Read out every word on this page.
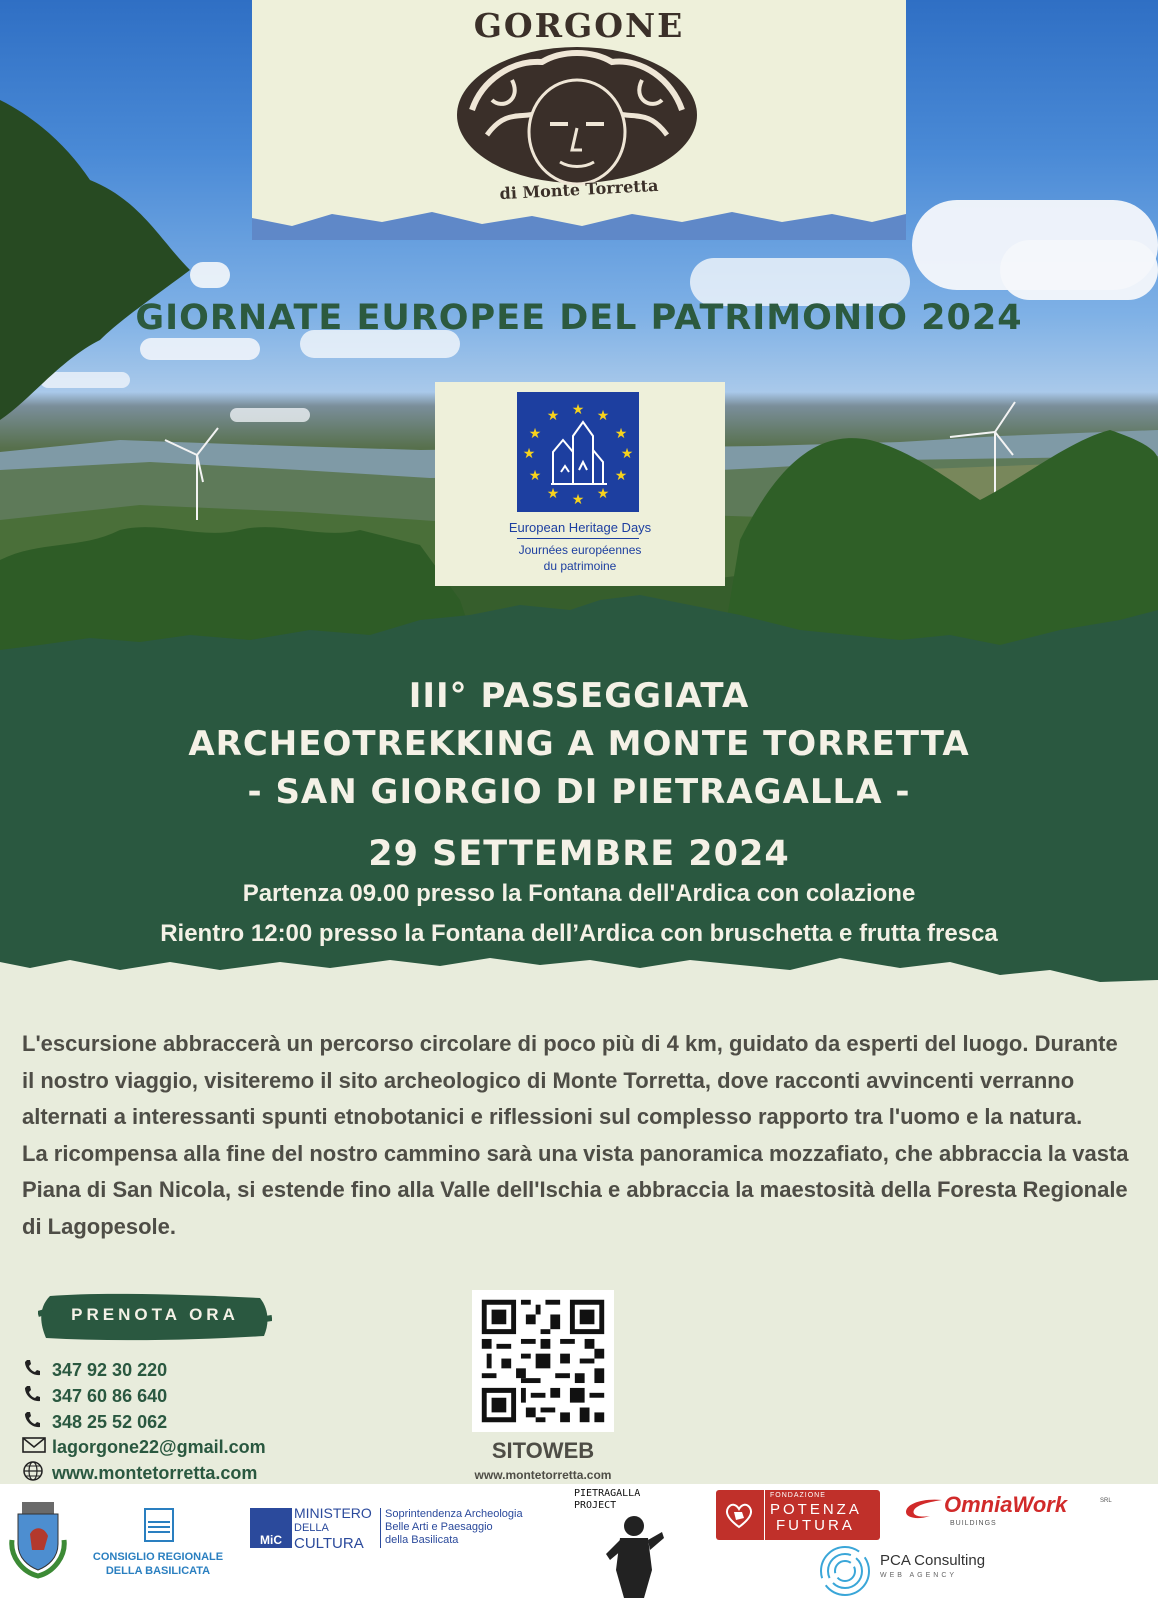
GORGONE
di Monte Torretta
GIORNATE EUROPEE DEL PATRIMONIO 2024
★ ★
★
★
★
★
★
★
★
★
★
★
European Heritage Days
Journées européennes
du patrimoine
III° PASSEGGIATA
ARCHEOTREKKING A MONTE TORRETTA
- SAN GIORGIO DI PIETRAGALLA -
29 SETTEMBRE 2024
Partenza 09.00 presso la Fontana dell'Ardica con colazione
Rientro 12:00 presso la Fontana dell’Ardica con bruschetta e frutta fresca

L'escursione abbraccerà un percorso circolare di poco più di 4 km, guidato da esperti del luogo. Durante il nostro viaggio, visiteremo il sito archeologico di Monte Torretta, dove racconti avvincenti verranno alternati a interessanti spunti etnobotanici e riflessioni sul complesso rapporto tra l'uomo e la natura.

La ricompensa alla fine del nostro cammino sarà una vista panoramica mozzafiato, che abbraccia la vasta Piana di San Nicola, si estende fino alla Valle dell'Ischia e abbraccia la maestosità della Foresta Regionale di Lagopesole.

PRENOTA ORA
347 92 30 220
347 60 86 640
348 25 52 062
lagorgone22@gmail.com
www.montetorretta.com
SITOWEB
www.montetorretta.com
CONSIGLIO REGIONALE
DELLA BASILICATA
MiC
MINISTERO
DELLA
CULTURA
Soprintendenza Archeologia
Belle Arti e Paesaggio
della Basilicata
PIETRAGALLA
PROJECT
FONDAZIONE
POTENZA
FUTURA
OmniaWork	SRL
BUILDINGS
PCA Consulting
WEB AGENCY
